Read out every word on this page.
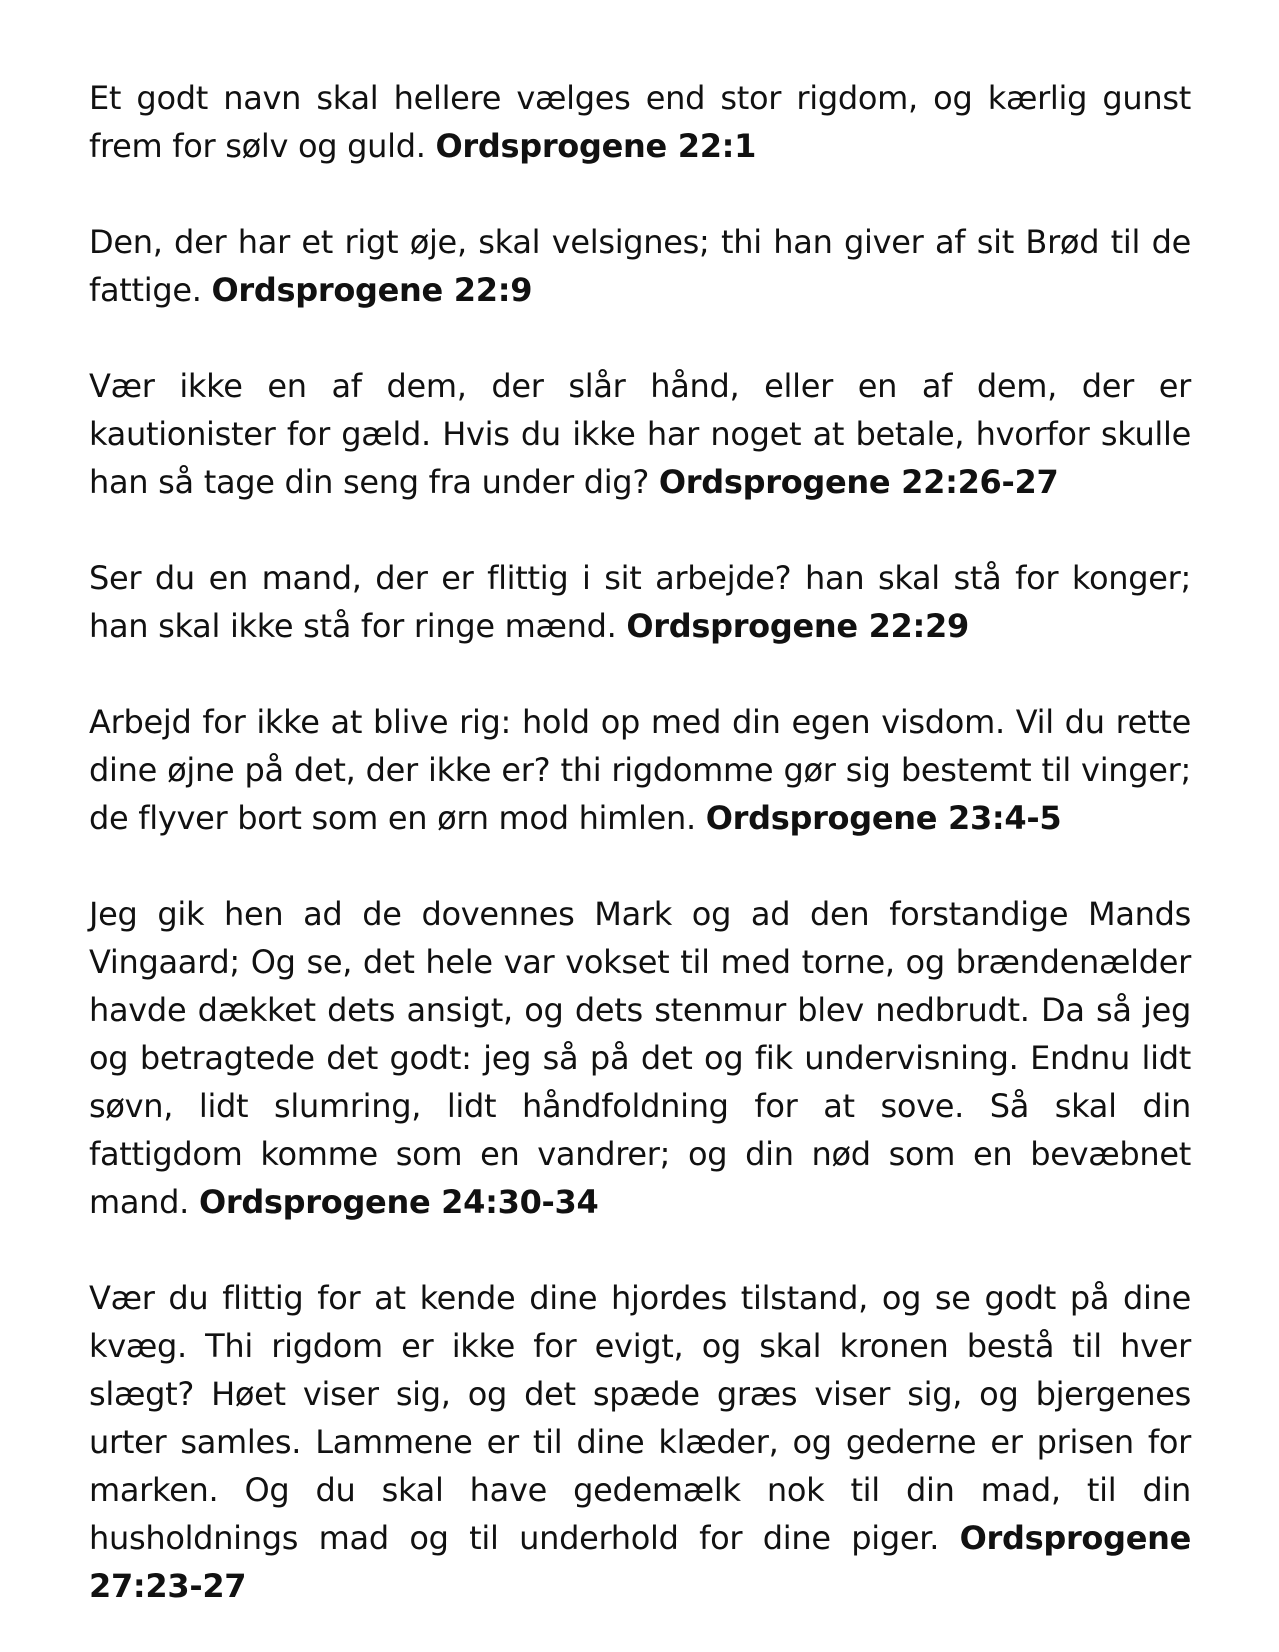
Et godt navn skal hellere vælges end stor rigdom, og kærlig gunst frem for sølv og guld. Ordsprogene 22:1

Den, der har et rigt øje, skal velsignes; thi han giver af sit Brød til de fattige. Ordsprogene 22:9

Vær ikke en af dem, der slår hånd, eller en af dem, der er kautionister for gæld. Hvis du ikke har noget at betale, hvorfor skulle han så tage din seng fra under dig? Ordsprogene 22:26-27

Ser du en mand, der er flittig i sit arbejde? han skal stå for konger; han skal ikke stå for ringe mænd. Ordsprogene 22:29

Arbejd for ikke at blive rig: hold op med din egen visdom. Vil du rette dine øjne på det, der ikke er? thi rigdomme gør sig bestemt til vinger; de flyver bort som en ørn mod himlen. Ordsprogene 23:4-5

Jeg gik hen ad de dovennes Mark og ad den forstandige Mands Vingaard; Og se, det hele var vokset til med torne, og brændenælder havde dækket dets ansigt, og dets stenmur blev nedbrudt. Da så jeg og betragtede det godt: jeg så på det og fik undervisning. Endnu lidt søvn, lidt slumring, lidt håndfoldning for at sove. Så skal din fattigdom komme som en vandrer; og din nød som en bevæbnet mand. Ordsprogene 24:30-34

Vær du flittig for at kende dine hjordes tilstand, og se godt på dine kvæg. Thi rigdom er ikke for evigt, og skal kronen bestå til hver slægt? Høet viser sig, og det spæde græs viser sig, og bjergenes urter samles. Lammene er til dine klæder, og gederne er prisen for marken. Og du skal have gedemælk nok til din mad, til din husholdnings mad og til underhold for dine piger. Ordsprogene 27:23-27
